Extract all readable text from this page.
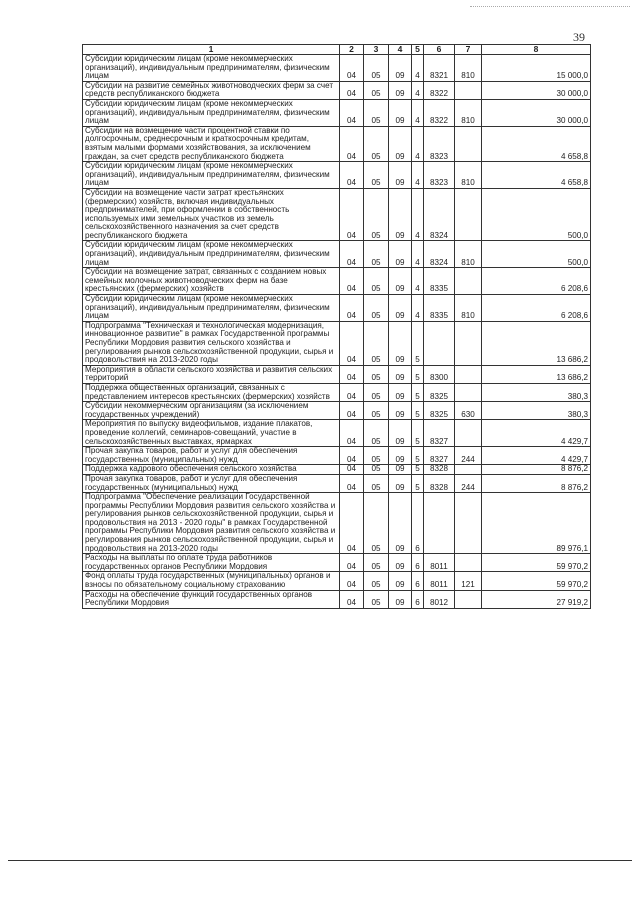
39
1	2	3	4	5	6	7	8
Субсидии юридическим лицам (кроме некоммерческих организаций), индивидуальным предпринимателям, физическим лицам	04	05	09	4	8321	810	15 000,0
Субсидии на развитие семейных животноводческих ферм за счет средств республиканского бюджета	04	05	09	4	8322		30 000,0
Субсидии юридическим лицам (кроме некоммерческих организаций), индивидуальным предпринимателям, физическим лицам	04	05	09	4	8322	810	30 000,0
Субсидии на возмещение части процентной ставки по долгосрочным, среднесрочным и краткосрочным кредитам, взятым малыми формами хозяйствования, за исключением граждан, за счет средств республиканского бюджета	04	05	09	4	8323		4 658,8
Субсидии юридическим лицам (кроме некоммерческих организаций), индивидуальным предпринимателям, физическим лицам	04	05	09	4	8323	810	4 658,8
Субсидии на возмещение части затрат крестьянских (фермерских) хозяйств, включая индивидуальных предпринимателей, при оформлении в собственность используемых ими земельных участков из земель сельскохозяйственного назначения за счет средств республиканского бюджета	04	05	09	4	8324		500,0
Субсидии юридическим лицам (кроме некоммерческих организаций), индивидуальным предпринимателям, физическим лицам	04	05	09	4	8324	810	500,0
Субсидии на возмещение затрат, связанных с созданием новых семейных молочных животноводческих ферм на базе крестьянских (фермерских) хозяйств	04	05	09	4	8335		6 208,6
Субсидии юридическим лицам (кроме некоммерческих организаций), индивидуальным предпринимателям, физическим лицам	04	05	09	4	8335	810	6 208,6
Подпрограмма "Техническая и технологическая модернизация, инновационное развитие" в рамках Государственной программы Республики Мордовия развития сельского хозяйства и регулирования рынков сельскохозяйственной продукции, сырья и продовольствия на 2013-2020 годы	04	05	09	5			13 686,2
Мероприятия в области сельского хозяйства и развития сельских территорий	04	05	09	5	8300		13 686,2
Поддержка общественных организаций, связанных с представлением интересов крестьянских (фермерских) хозяйств	04	05	09	5	8325		380,3
Субсидии некоммерческим организациям (за исключением государственных учреждений)	04	05	09	5	8325	630	380,3
Мероприятия по выпуску видеофильмов, издание плакатов, проведение коллегий, семинаров-совещаний, участие в сельскохозяйственных выставках, ярмарках	04	05	09	5	8327		4 429,7
Прочая закупка товаров, работ и услуг для обеспечения государственных (муниципальных) нужд	04	05	09	5	8327	244	4 429,7
Поддержка кадрового обеспечения сельского хозяйства	04	05	09	5	8328		8 876,2
Прочая закупка товаров, работ и услуг для обеспечения государственных (муниципальных) нужд	04	05	09	5	8328	244	8 876,2
Подпрограмма "Обеспечение реализации Государственной программы Республики Мордовия развития сельского хозяйства и регулирования рынков сельскохозяйственной продукции, сырья и продовольствия на 2013 - 2020 годы" в рамках Государственной программы Республики Мордовия развития сельского хозяйства и регулирования рынков сельскохозяйственной продукции, сырья и продовольствия на 2013-2020 годы	04	05	09	6			89 976,1
Расходы на выплаты по оплате труда работников государственных органов Республики Мордовия	04	05	09	6	8011		59 970,2
Фонд оплаты труда государственных (муниципальных) органов и взносы по обязательному социальному страхованию	04	05	09	6	8011	121	59 970,2
Расходы на обеспечение функций государственных органов Республики Мордовия	04	05	09	6	8012		27 919,2
